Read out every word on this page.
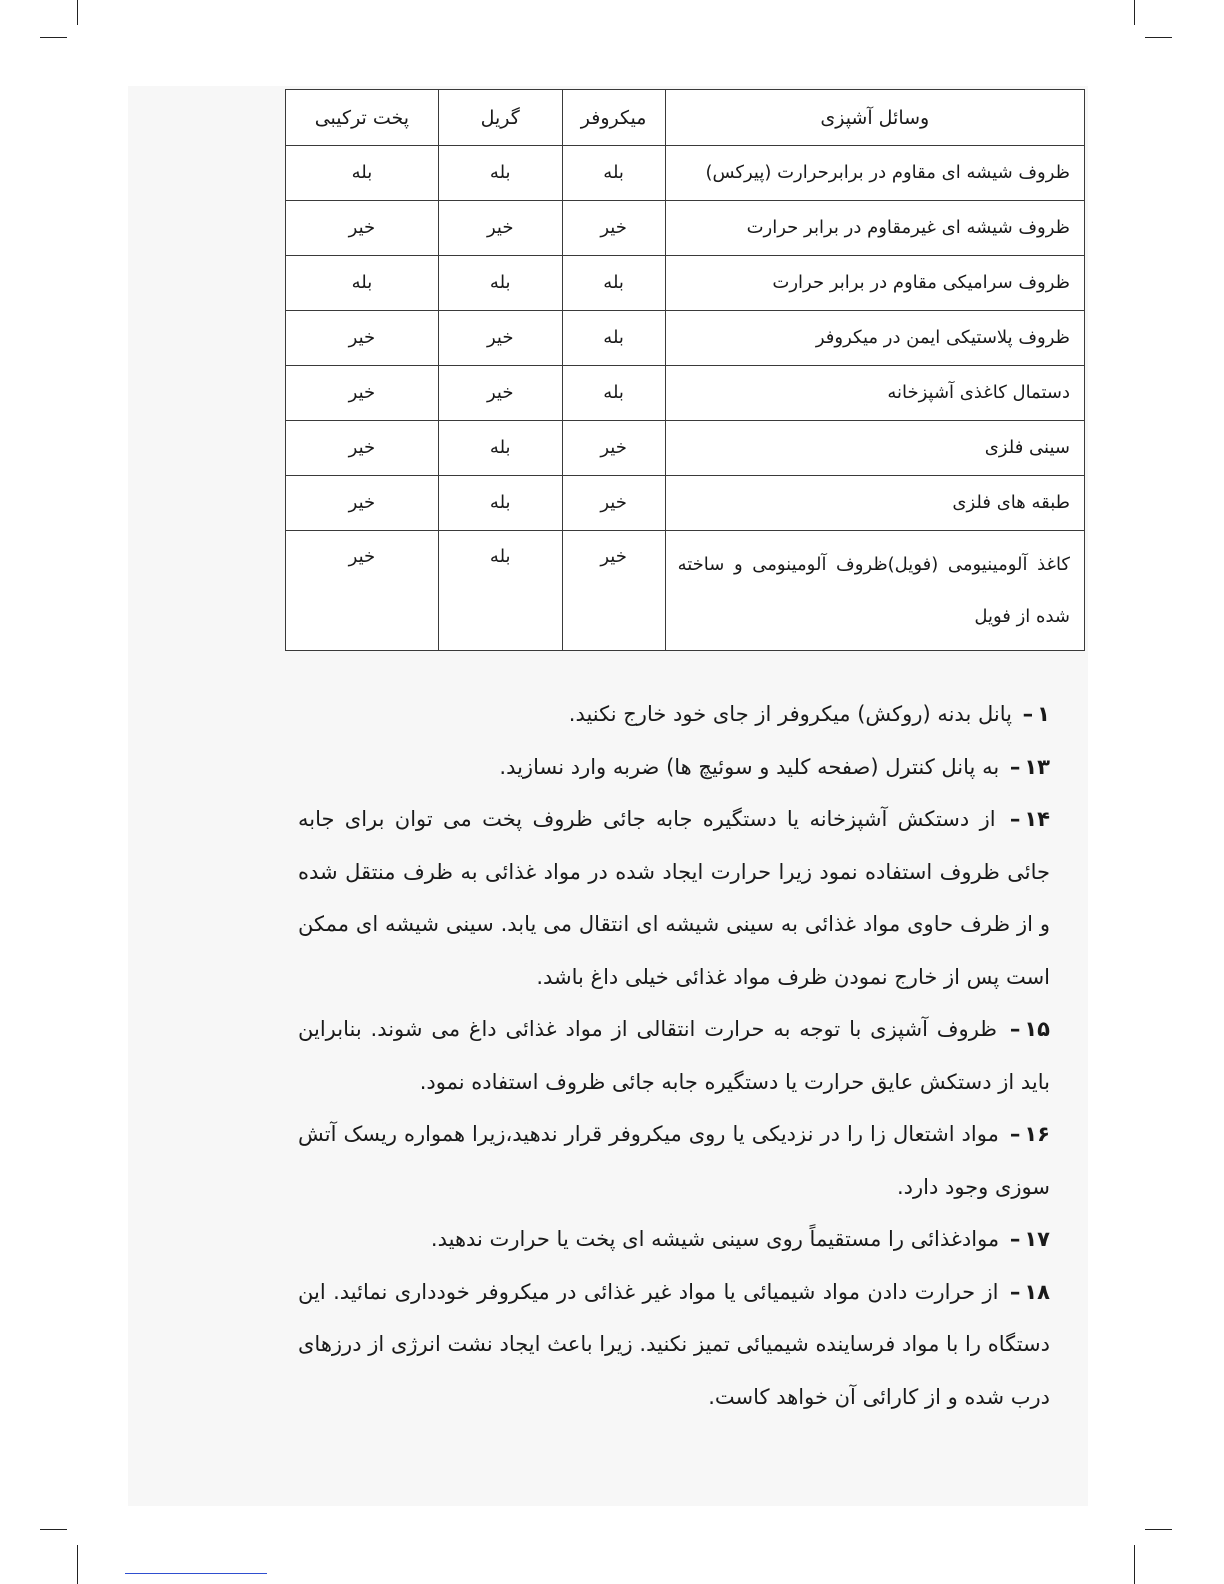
وسائل آشپزی	میکروفر	گریل	پخت ترکیبی
ظروف شیشه ای مقاوم در برابرحرارت (پیرکس)	بله	بله	بله
ظروف شیشه ای غیرمقاوم در برابر حرارت	خیر	خیر	خیر
ظروف سرامیکی مقاوم در برابر حرارت	بله	بله	بله
ظروف پلاستیکی ایمن در میکروفر	بله	خیر	خیر
دستمال کاغذی آشپزخانه	بله	خیر	خیر
سینی فلزی	خیر	بله	خیر
طبقه های فلزی	خیر	بله	خیر
کاغذ آلومینیومی (فویل)ظروف آلومینومی و ساخته شده از فویل	خیر	بله	خیر

۱– پانل بدنه (روکش) میکروفر از جای خود خارج نکنید.

۱۳– به پانل کنترل (صفحه کلید و سوئیچ ها) ضربه وارد نسازید.

۱۴– از دستکش آشپزخانه یا دستگیره جابه جائی ظروف پخت می توان برای جابه جائی ظروف استفاده نمود زیرا حرارت ایجاد شده در مواد غذائی به ظرف منتقل شده و از ظرف حاوی مواد غذائی به سینی شیشه ای انتقال می یابد. سینی شیشه ای ممکن است پس از خارج نمودن ظرف مواد غذائی خیلی داغ باشد.

۱۵– ظروف آشپزی با توجه به حرارت انتقالی از مواد غذائی داغ می شوند. بنابراین باید از دستکش عایق حرارت یا دستگیره جابه جائی ظروف استفاده نمود.

۱۶– مواد اشتعال زا را در نزدیکی یا روی میکروفر قرار ندهید،زیرا همواره ریسک آتش سوزی وجود دارد.

۱۷– موادغذائی را مستقیماً روی سینی شیشه ای پخت یا حرارت ندهید.

۱۸– از حرارت دادن مواد شیمیائی یا مواد غیر غذائی در میکروفر خودداری نمائید. این دستگاه را با مواد فرساینده شیمیائی تمیز نکنید. زیرا باعث ایجاد نشت انرژی از درزهای درب شده و از کارائی آن خواهد کاست.
